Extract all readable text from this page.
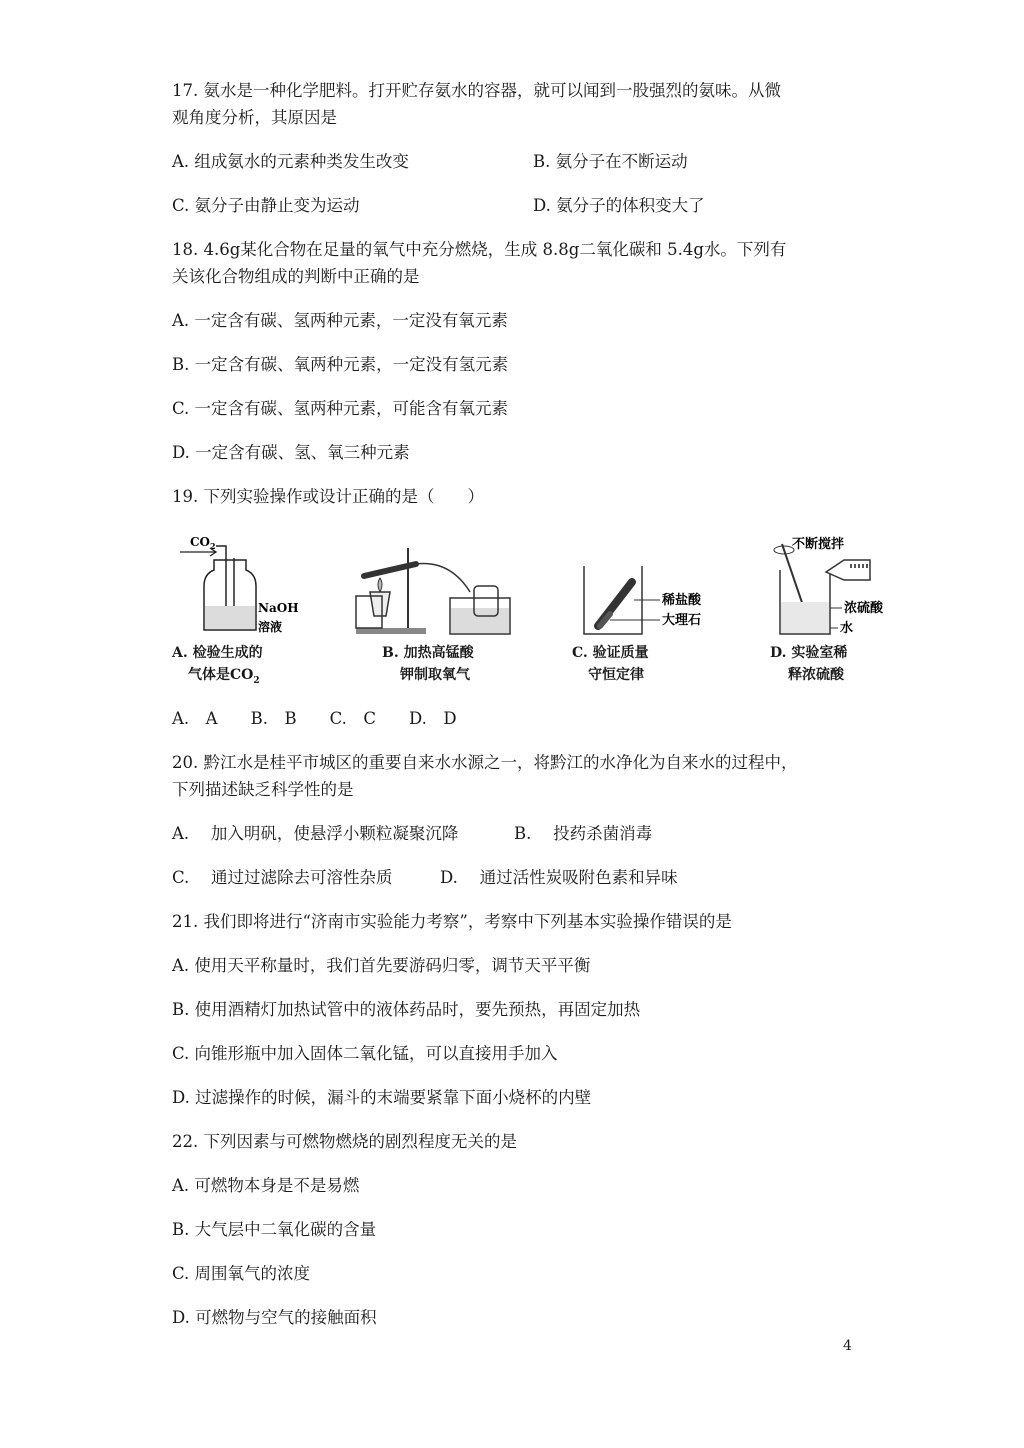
17. 氨水是一种化学肥料。打开贮存氨水的容器，就可以闻到一股强烈的氨味。从微
观角度分析，其原因是
A. 组成氨水的元素种类发生改变	B. 氨分子在不断运动
C. 氨分子由静止变为运动	D. 氨分子的体积变大了
18. 4.6g某化合物在足量的氧气中充分燃烧，生成 8.8g二氧化碳和 5.4g水。下列有
关该化合物组成的判断中正确的是
A. 一定含有碳、氢两种元素，一定没有氧元素
B. 一定含有碳、氧两种元素，一定没有氢元素
C. 一定含有碳、氢两种元素，可能含有氧元素
D. 一定含有碳、氢、氧三种元素
19. 下列实验操作或设计正确的是（　　）
$CO_2$
NaOH
溶液
A. 检验生成的
气体是$CO_2$
B. 加热高锰酸
钾制取氧气
稀盐酸
大理石
C. 验证质量
守恒定律
不断搅拌
浓硫酸
水
D. 实验室稀
释浓硫酸
A.　A　　B.　B　　C.　C　　D.　D
20. 黔江水是桂平市城区的重要自来水水源之一，将黔江的水净化为自来水的过程中，
下列描述缺乏科学性的是
A.　 加入明矾，使悬浮小颗粒凝聚沉降	B.　 投药杀菌消毒
C.　 通过过滤除去可溶性杂质	D.　 通过活性炭吸附色素和异味
21. 我们即将进行“济南市实验能力考察”，考察中下列基本实验操作错误的是
A. 使用天平称量时，我们首先要游码归零，调节天平平衡
B. 使用酒精灯加热试管中的液体药品时，要先预热，再固定加热
C. 向锥形瓶中加入固体二氧化锰，可以直接用手加入
D. 过滤操作的时候，漏斗的末端要紧靠下面小烧杯的内壁
22. 下列因素与可燃物燃烧的剧烈程度无关的是
A. 可燃物本身是不是易燃
B. 大气层中二氧化碳的含量
C. 周围氧气的浓度
D. 可燃物与空气的接触面积
4
